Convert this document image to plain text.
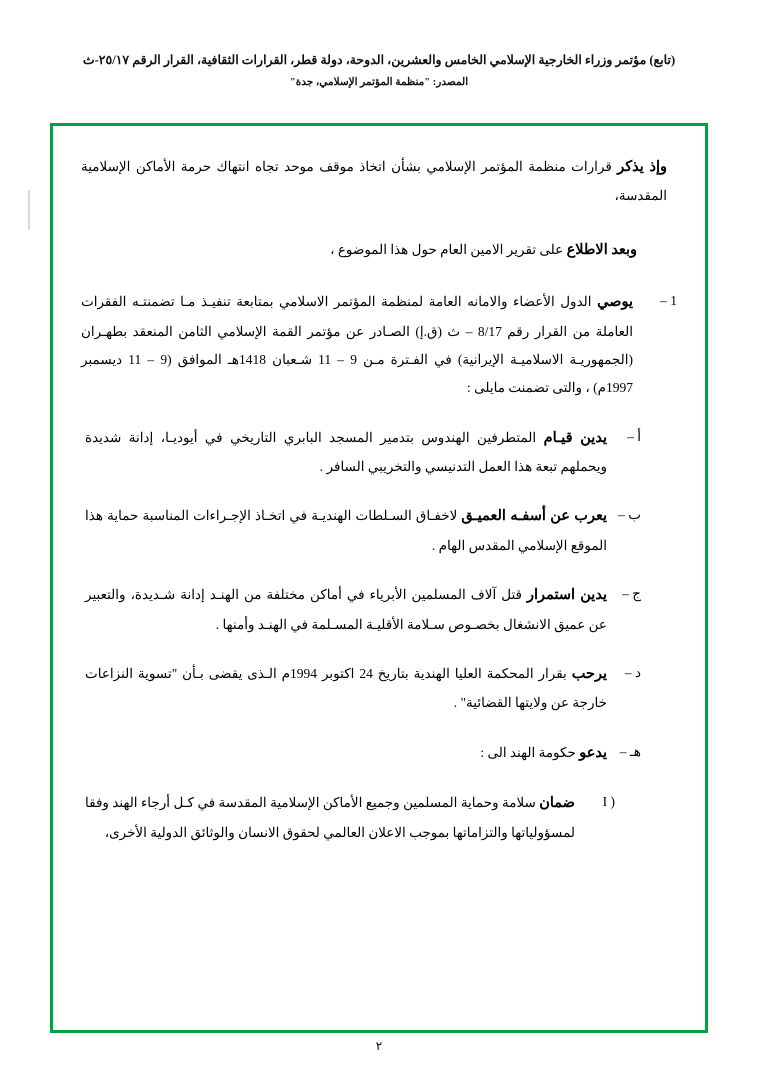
(تابع) مؤتمر وزراء الخارجية الإسلامي الخامس والعشرين، الدوحة، دولة قطر، القرارات الثقافية، القرار الرقم ٢٥/١٧-ث
المصدر: "منظمة المؤتمر الإسلامي، جدة"
وإذ يذكر قرارات منظمة المؤتمر الإسلامي بشأن اتخاذ موقف موحد تجاه انتهاك حرمة الأماكن الإسلامية المقدسة،
وبعد الاطلاع على تقرير الامين العام حول هذا الموضوع ،
1 –
يوصي الدول الأعضاء والامانه العامة لمنظمة المؤتمر الاسلامي بمتابعة تنفيـذ مـا تضمنتـه الفقرات العاملة من القرار رقم 8/17 – ث (ق.إ) الصـادر عن مؤتمر القمة الإسلامي الثامن المنعقد بطهـران (الجمهوريـة الاسلاميـة الإيرانية) في الفـترة مـن 9 – 11 شـعبان 1418هـ الموافق (9 – 11 ديسمبر 1997م) ، والتى تضمنت مايلى :
أ –
يدين قيـام المتطرفين الهندوس بتدمير المسجد البابري التاريخي في أيوديـا، إدانة شديدة ويحملهم تبعة هذا العمل التدنيسي والتخريبي السافر .
ب –
يعرب عن أسفـه العميـق لاخفـاق السـلطات الهنديـة في اتخـاذ الإجـراءات المناسبة حماية هذا الموقع الإسلامي المقدس الهام .
ج –
يدين استمرار قتل آلاف المسلمين الأبرياء في أماكن مختلفة من الهنـد إدانة شـديدة، والتعبير عن عميق الانشغال بخصـوص سـلامة الأقليـة المسـلمة في الهنـد وأمنها .
د –
يرحب بقرار المحكمة العليا الهندية بتاريخ 24 اكتوبر 1994م الـذى يقضى بـأن "تسوية النزاعات خارجة عن ولايتها القضائية" .
هـ –
يدعو حكومة الهند الى :
I )
ضمان سلامة وحماية المسلمين وجميع الأماكن الإسلامية المقدسة في كـل أرجاء الهند وفقا لمسؤولياتها والتزاماتها بموجب الاعلان العالمي لحقوق الانسان والوثائق الدولية الأخرى،
٢
